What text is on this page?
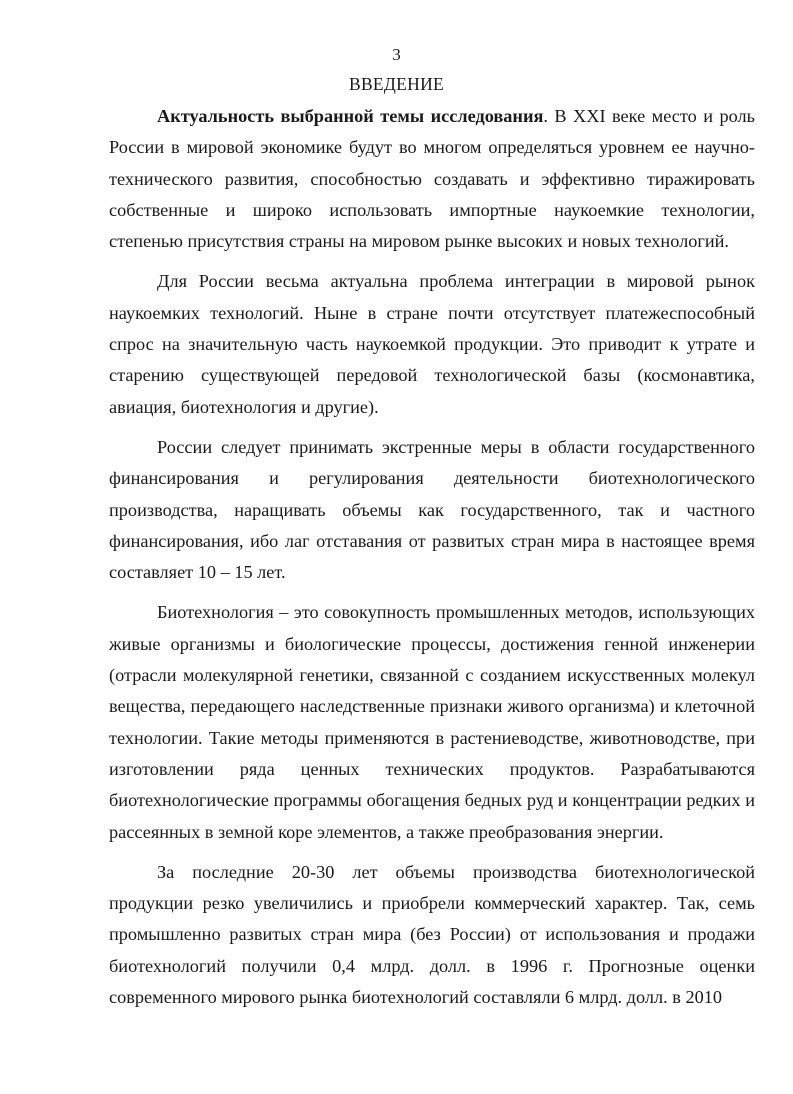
3
ВВЕДЕНИЕ

Актуальность выбранной темы исследования. В XXI веке место и роль России в мировой экономике будут во многом определяться уровнем ее научно-технического развития, способностью создавать и эффективно тиражировать собственные и широко использовать импортные наукоемкие технологии, степенью присутствия страны на мировом рынке высоких и новых технологий.

Для России весьма актуальна проблема интеграции в мировой рынок наукоемких технологий. Ныне в стране почти отсутствует платежеспособный спрос на значительную часть наукоемкой продукции. Это приводит к утрате и старению существующей передовой технологической базы (космонавтика, авиация, биотехнология и другие).

России следует принимать экстренные меры в области государственного финансирования и регулирования деятельности биотехнологического производства, наращивать объемы как государственного, так и частного финансирования, ибо лаг отставания от развитых стран мира в настоящее время составляет 10 – 15 лет.

Биотехнология – это совокупность промышленных методов, использующих живые организмы и биологические процессы, достижения генной инженерии (отрасли молекулярной генетики, связанной с созданием искусственных молекул вещества, передающего наследственные признаки живого организма) и клеточной технологии. Такие методы применяются в растениеводстве, животноводстве, при изготовлении ряда ценных технических продуктов. Разрабатываются биотехнологические программы обогащения бедных руд и концентрации редких и рассеянных в земной коре элементов, а также преобразования энергии.

За последние 20-30 лет объемы производства биотехнологической продукции резко увеличились и приобрели коммерческий характер. Так, семь промышленно развитых стран мира (без России) от использования и продажи биотехнологий получили 0,4 млрд. долл. в 1996 г. Прогнозные оценки современного мирового рынка биотехнологий составляли 6 млрд. долл. в 2010
